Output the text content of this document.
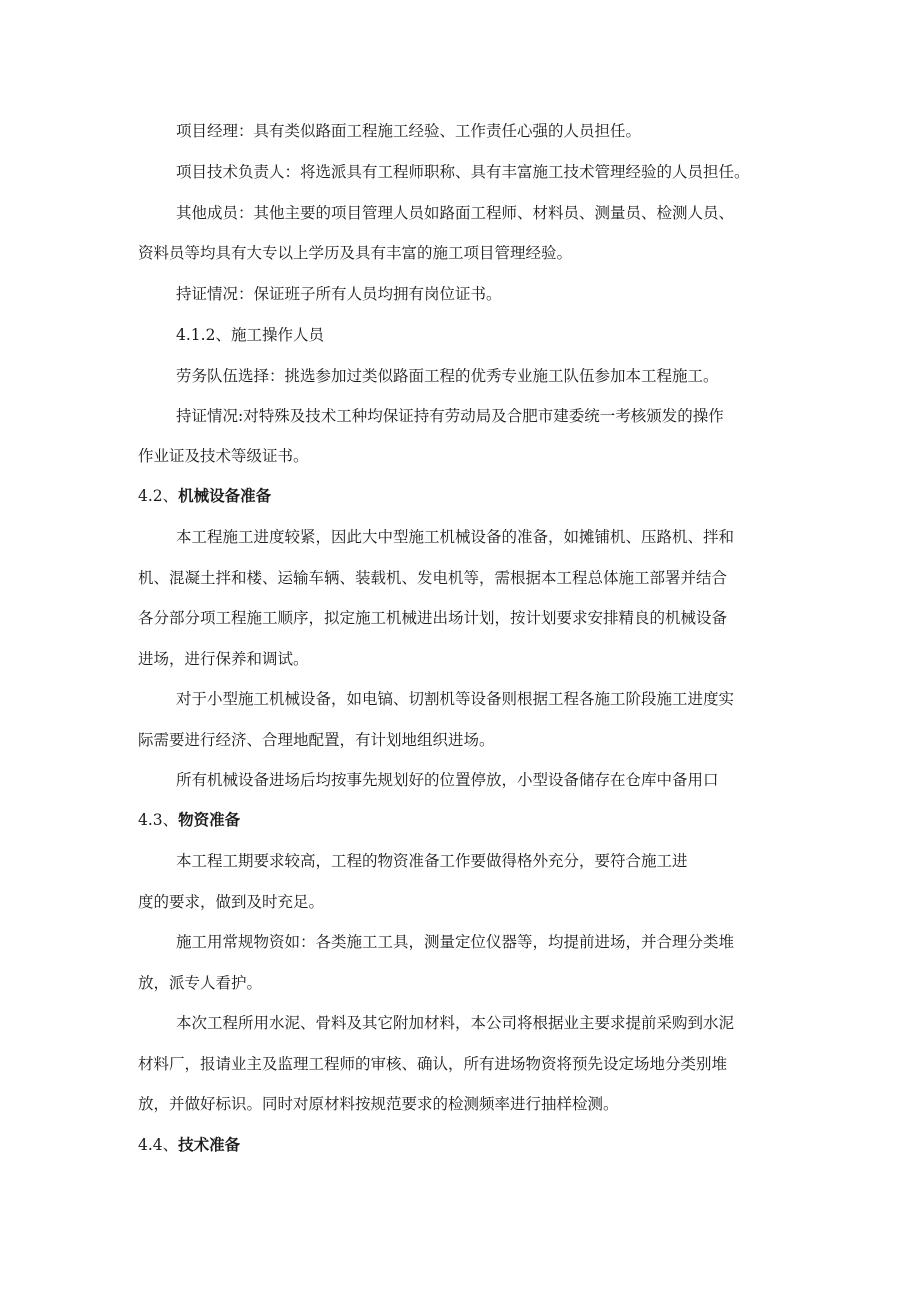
项目经理：具有类似路面工程施工经验、工作责任心强的人员担任。
项目技术负责人：将选派具有工程师职称、具有丰富施工技术管理经验的人员担任。
其他成员：其他主要的项目管理人员如路面工程师、材料员、测量员、检测人员、
资料员等均具有大专以上学历及具有丰富的施工项目管理经验。
持证情况：保证班子所有人员均拥有岗位证书。
4.1.2、施工操作人员
劳务队伍选择：挑选参加过类似路面工程的优秀专业施工队伍参加本工程施工。
持证情况:对特殊及技术工种均保证持有劳动局及合肥市建委统一考核颁发的操作
作业证及技术等级证书。
4.2、机械设备准备
本工程施工进度较紧，因此大中型施工机械设备的准备，如摊铺机、压路机、拌和
机、混凝土拌和楼、运输车辆、装载机、发电机等，需根据本工程总体施工部署并结合
各分部分项工程施工顺序，拟定施工机械进出场计划，按计划要求安排精良的机械设备
进场，进行保养和调试。
对于小型施工机械设备，如电镐、切割机等设备则根据工程各施工阶段施工进度实
际需要进行经济、合理地配置，有计划地组织进场。
所有机械设备进场后均按事先规划好的位置停放，小型设备储存在仓库中备用口
4.3、物资准备
本工程工期要求较高，工程的物资准备工作要做得格外充分，要符合施工进
度的要求，做到及时充足。
施工用常规物资如：各类施工工具，测量定位仪器等，均提前进场，并合理分类堆
放，派专人看护。
本次工程所用水泥、骨料及其它附加材料，本公司将根据业主要求提前采购到水泥
材料厂，报请业主及监理工程师的审核、确认，所有进场物资将预先设定场地分类别堆
放，并做好标识。同时对原材料按规范要求的检测频率进行抽样检测。
4.4、技术准备
